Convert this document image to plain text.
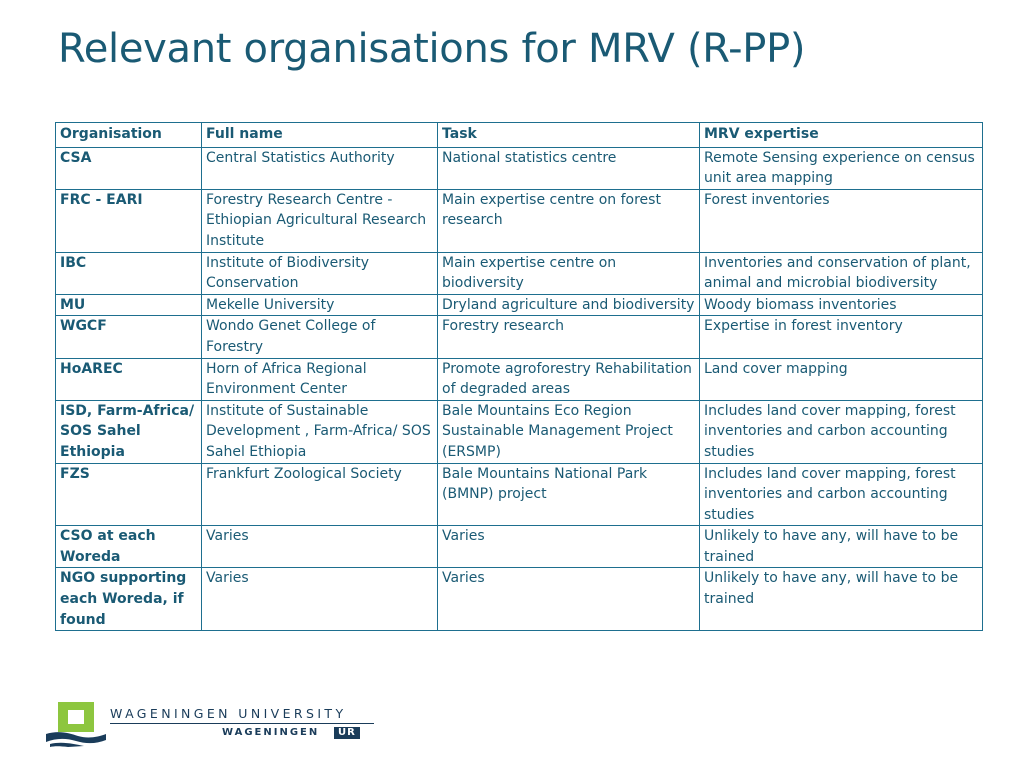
Relevant organisations for MRV (R-PP)
Organisation	Full name	Task	MRV expertise
CSA	Central Statistics Authority	National statistics centre	Remote Sensing experience on census unit area mapping
FRC - EARI	Forestry Research Centre - Ethiopian Agricultural Research Institute	Main expertise centre on forest research	Forest inventories
IBC	Institute of Biodiversity Conservation	Main expertise centre on biodiversity	Inventories and conservation of plant, animal and microbial biodiversity
MU	Mekelle University	Dryland agriculture and biodiversity	Woody biomass inventories
WGCF	Wondo Genet College of Forestry	Forestry research	Expertise in forest inventory
HoAREC	Horn of Africa Regional Environment Center	Promote agroforestry Rehabilitation of degraded areas	Land cover mapping
ISD, Farm-Africa/ SOS Sahel Ethiopia	Institute of Sustainable Development , Farm-Africa/ SOS Sahel Ethiopia	Bale Mountains Eco Region Sustainable Management Project (ERSMP)	Includes land cover mapping, forest inventories and carbon accounting studies
FZS	Frankfurt Zoological Society	Bale Mountains National Park (BMNP) project	Includes land cover mapping, forest inventories and carbon accounting studies
CSO at each Woreda	Varies	Varies	Unlikely to have any, will have to be trained
NGO supporting each Woreda, if found	Varies	Varies	Unlikely to have any, will have to be trained
WAGENINGEN UNIVERSITY
WAGENINGEN	UR
